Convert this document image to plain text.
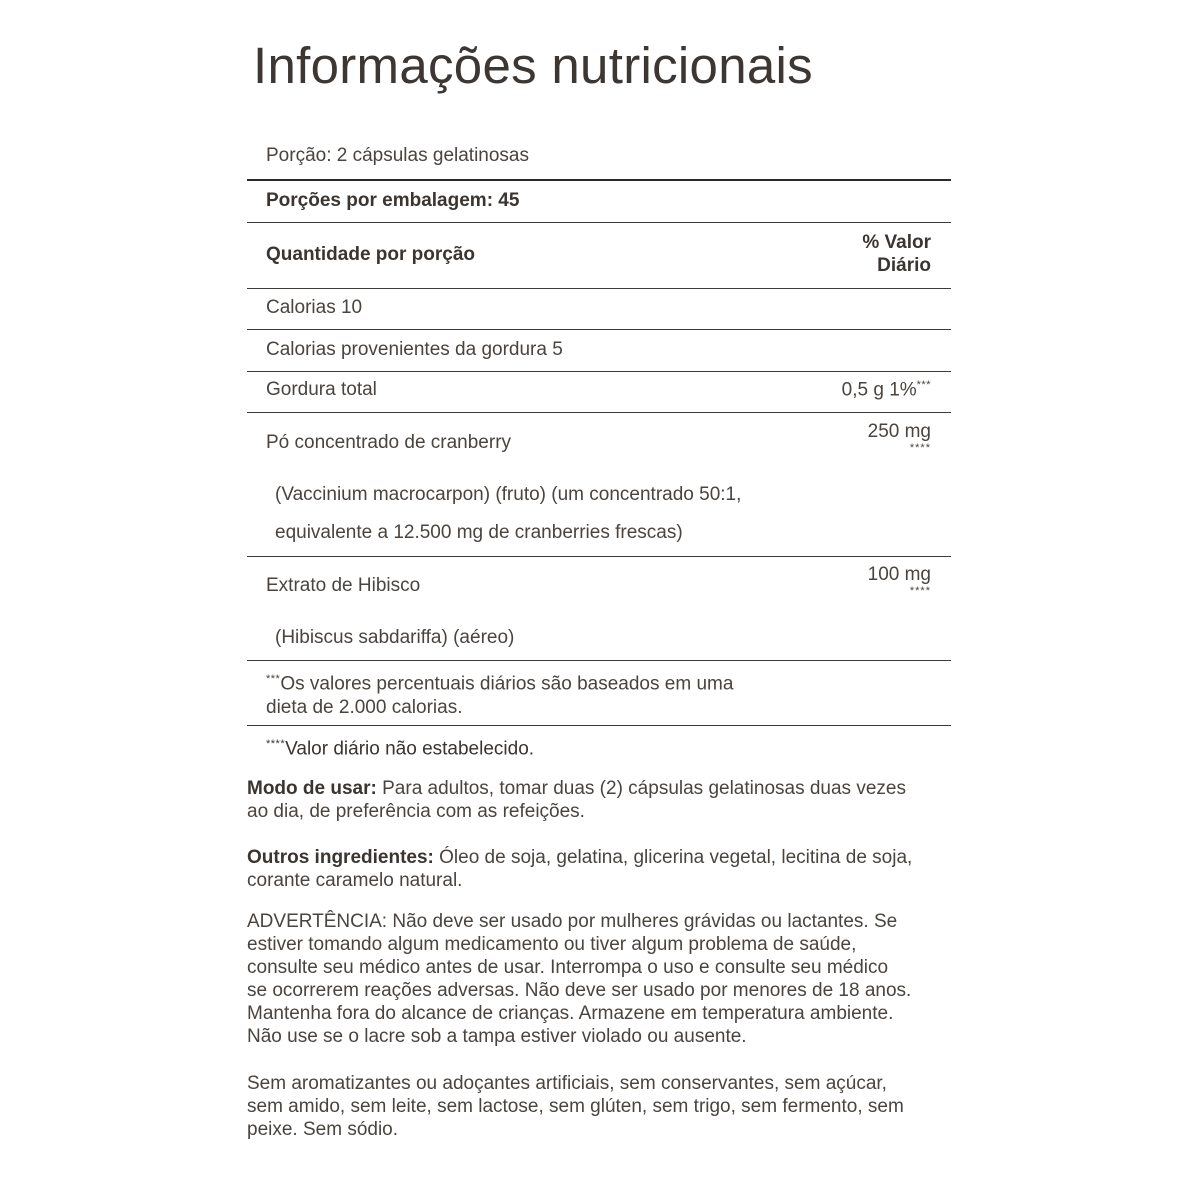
Informações nutricionais
Porção: 2 cápsulas gelatinosas
Porções por embalagem: 45
Quantidade por porção
% Valor
Diário
Calorias 10
Calorias provenientes da gordura 5
Gordura total	0,5 g 1%***
Pó concentrado de cranberry
250 mg
****
(Vaccinium macrocarpon) (fruto) (um concentrado 50:1,
equivalente a 12.500 mg de cranberries frescas)
Extrato de Hibisco
100 mg
****
(Hibiscus sabdariffa) (aéreo)
***Os valores percentuais diários são baseados em uma
dieta de 2.000 calorias.
****Valor diário não estabelecido.
Modo de usar: Para adultos, tomar duas (2) cápsulas gelatinosas duas vezes
ao dia, de preferência com as refeições.
Outros ingredientes: Óleo de soja, gelatina, glicerina vegetal, lecitina de soja,
corante caramelo natural.
ADVERTÊNCIA: Não deve ser usado por mulheres grávidas ou lactantes. Se
estiver tomando algum medicamento ou tiver algum problema de saúde,
consulte seu médico antes de usar. Interrompa o uso e consulte seu médico
se ocorrerem reações adversas. Não deve ser usado por menores de 18 anos.
Mantenha fora do alcance de crianças. Armazene em temperatura ambiente.
Não use se o lacre sob a tampa estiver violado ou ausente.
Sem aromatizantes ou adoçantes artificiais, sem conservantes, sem açúcar,
sem amido, sem leite, sem lactose, sem glúten, sem trigo, sem fermento, sem
peixe. Sem sódio.
